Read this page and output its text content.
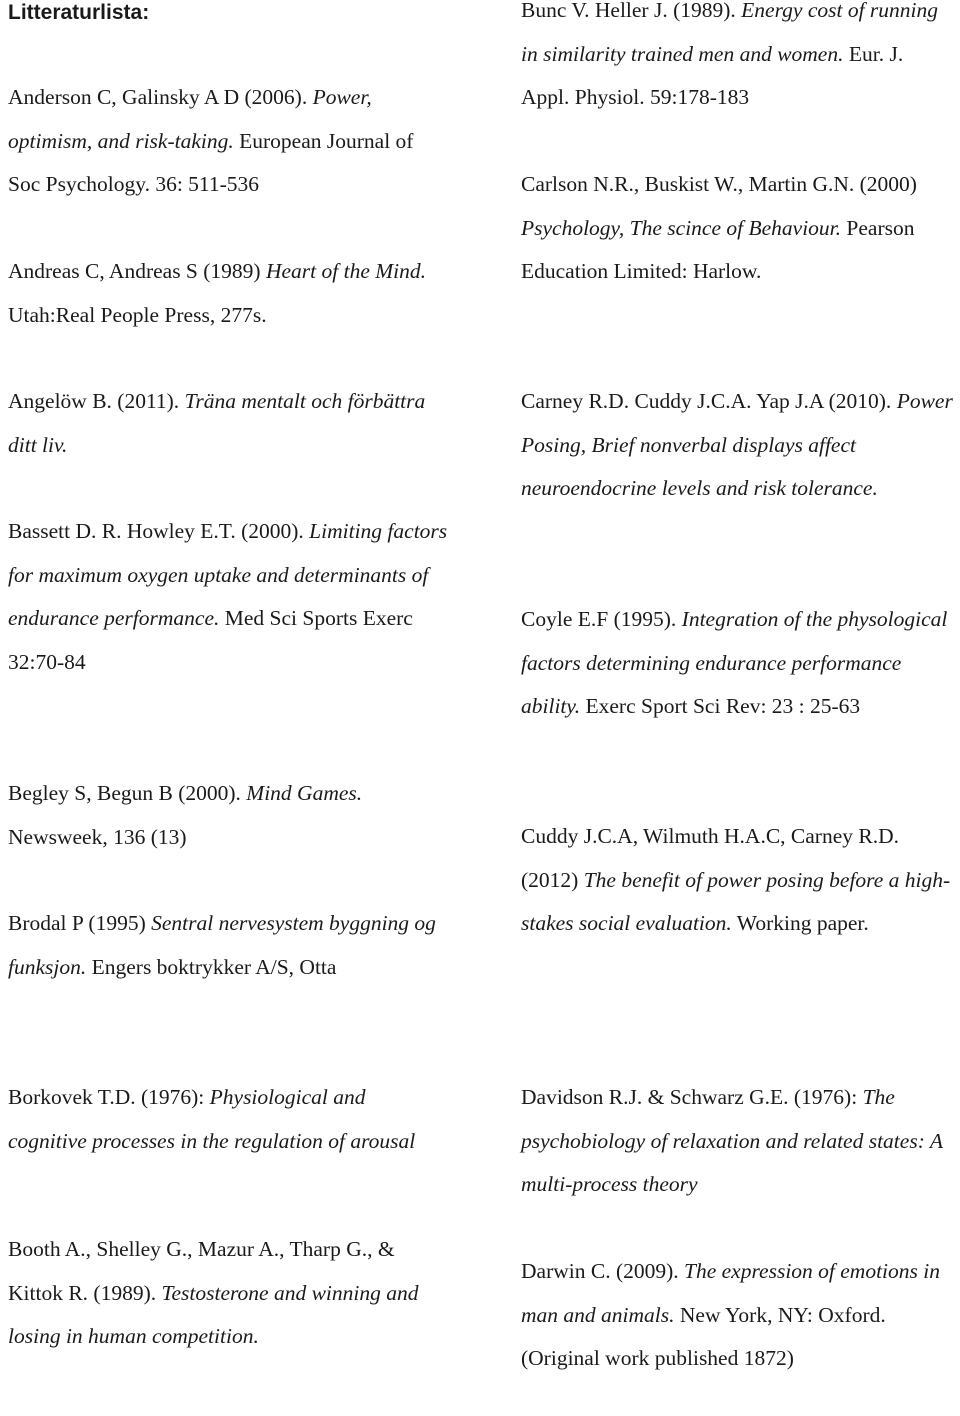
Litteraturlista:

Anderson C, Galinsky A D (2006). Power, optimism, and risk-taking. European Journal of Soc Psychology. 36: 511-536

Andreas C, Andreas S (1989) Heart of the Mind. Utah:Real People Press, 277s.

Angelöw B. (2011). Träna mentalt och förbättra ditt liv.

Bassett D. R. Howley E.T. (2000). Limiting factors for maximum oxygen uptake and determinants of endurance performance. Med Sci Sports Exerc 32:70-84

Begley S, Begun B (2000). Mind Games. Newsweek, 136 (13)

Brodal P (1995) Sentral nervesystem byggning og funksjon. Engers boktrykker A/S, Otta

Borkovek T.D. (1976): Physiological and cognitive processes in the regulation of arousal

Booth A., Shelley G., Mazur A., Tharp G., & Kittok R. (1989). Testosterone and winning and losing in human competition.

Bunc V. Heller J. (1989). Energy cost of running in similarity trained men and women. Eur. J. Appl. Physiol. 59:178-183

Carlson N.R., Buskist W., Martin G.N. (2000) Psychology, The scince of Behaviour. Pearson Education Limited: Harlow.

Carney R.D. Cuddy J.C.A. Yap J.A (2010). Power Posing, Brief nonverbal displays affect neuroendocrine levels and risk tolerance.

Coyle E.F (1995). Integration of the physological factors determining endurance performance ability. Exerc Sport Sci Rev: 23 : 25-63

Cuddy J.C.A, Wilmuth H.A.C, Carney R.D. (2012) The benefit of power posing before a high-stakes social evaluation. Working paper.

Davidson R.J. & Schwarz G.E. (1976): The psychobiology of relaxation and related states: A multi-process theory

Darwin C. (2009). The expression of emotions in man and animals. New York, NY: Oxford. (Original work published 1872)
